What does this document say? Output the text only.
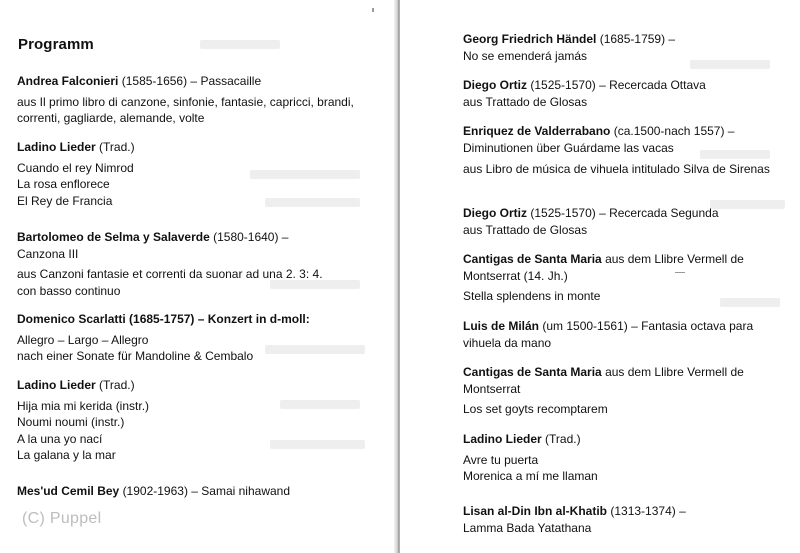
Programm

Andrea Falconieri (1585-1656) – Passacaille

aus Il primo libro di canzone, sinfonie, fantasie, capricci, brandi, correnti, gagliarde, alemande, volte

Ladino Lieder (Trad.)

Cuando el rey Nimrod

La rosa enflorece

El Rey de Francia

Bartolomeo de Selma y Salaverde (1580-1640) – Canzona III

aus Canzoni fantasie et correnti da suonar ad una 2. 3: 4. con basso continuo

Domenico Scarlatti (1685-1757) – Konzert in d-moll:

Allegro – Largo – Allegro

nach einer Sonate für Mandoline & Cembalo

Ladino Lieder (Trad.)

Hija mia mi kerida (instr.)

Noumi noumi (instr.)

A la una yo nací

La galana y la mar

Mes'ud Cemil Bey (1902-1963) – Samai nihawand

(C) Puppel

Georg Friedrich Händel (1685-1759) –

No se emenderá jamás

Diego Ortiz (1525-1570) – Recercada Ottava

aus Trattado de Glosas

Enriquez de Valderrabano (ca.1500-nach 1557) –

Diminutionen über Guárdame las vacas

aus Libro de música de vihuela intitulado Silva de Sirenas

Diego Ortiz (1525-1570) – Recercada Segunda

aus Trattado de Glosas

Cantigas de Santa Maria aus dem Llibre Vermell de Montserrat (14. Jh.)

Stella splendens in monte

Luis de Milán (um 1500-1561) – Fantasia octava para vihuela da mano

Cantigas de Santa Maria aus dem Llibre Vermell de Montserrat

Los set goyts recomptarem

Ladino Lieder (Trad.)

Avre tu puerta

Morenica a mí me llaman

Lisan al-Din Ibn al-Khatib (1313-1374) –

Lamma Bada Yatathana
